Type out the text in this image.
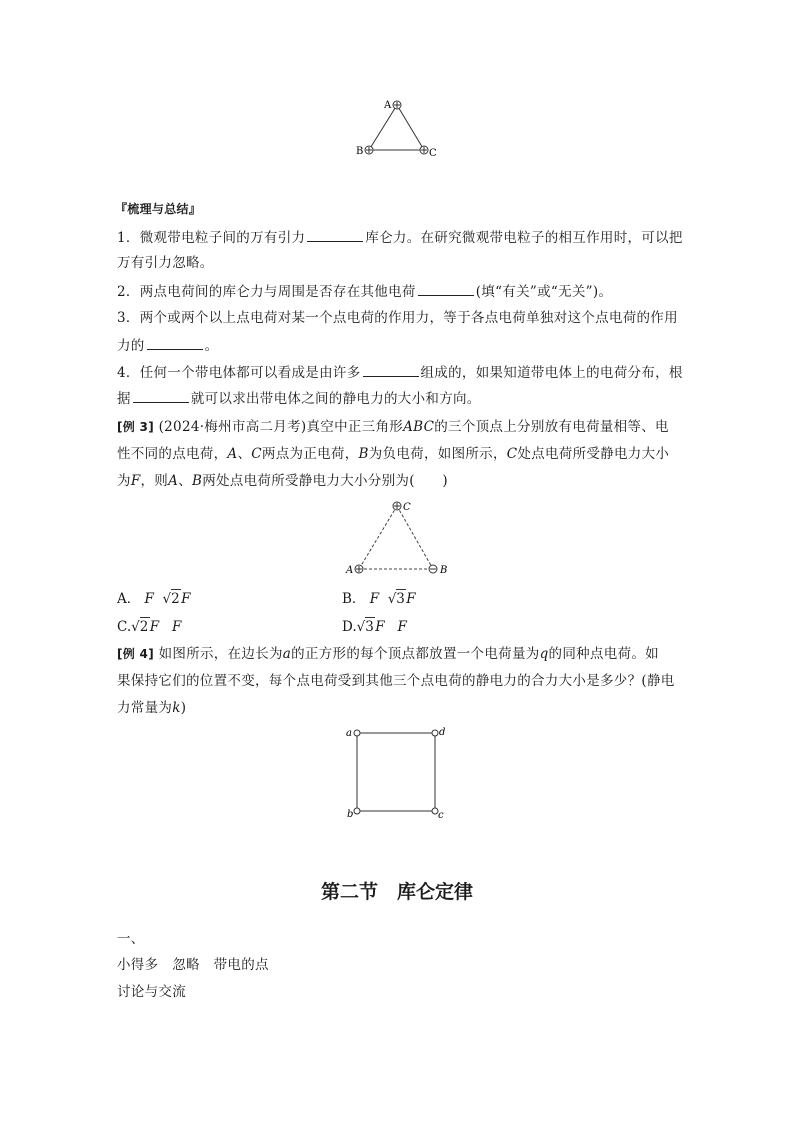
A
B	C
『梳理与总结』
1．微观带电粒子间的万有引力	库仑力。在研究微观带电粒子的相互作用时，可以把
万有引力忽略。
2．两点电荷间的库仑力与周围是否存在其他电荷	(填“有关”或“无关”)。
3．两个或两个以上点电荷对某一个点电荷的作用力，等于各点电荷单独对这个点电荷的作用
力的	。
4．任何一个带电体都可以看成是由许多	组成的，如果知道带电体上的电荷分布，根
据	就可以求出带电体之间的静电力的大小和方向。
[例 3] (2024·梅州市高二月考)真空中正三角形ABC的三个顶点上分别放有电荷量相等、电
性不同的点电荷，A、C两点为正电荷，B为负电荷，如图所示，C处点电荷所受静电力大小
为F，则A、B两处点电荷所受静电力大小分别为(　　)
C
A	B
A． F √2F	B． F √3F
C.√2F F	D.√3F F
[例 4] 如图所示，在边长为a的正方形的每个顶点都放置一个电荷量为q的同种点电荷。如
果保持它们的位置不变，每个点电荷受到其他三个点电荷的静电力的合力大小是多少？(静电
力常量为k)
a	d
b	c
第二节　库仑定律
一、
小得多　忽略　带电的点
讨论与交流
